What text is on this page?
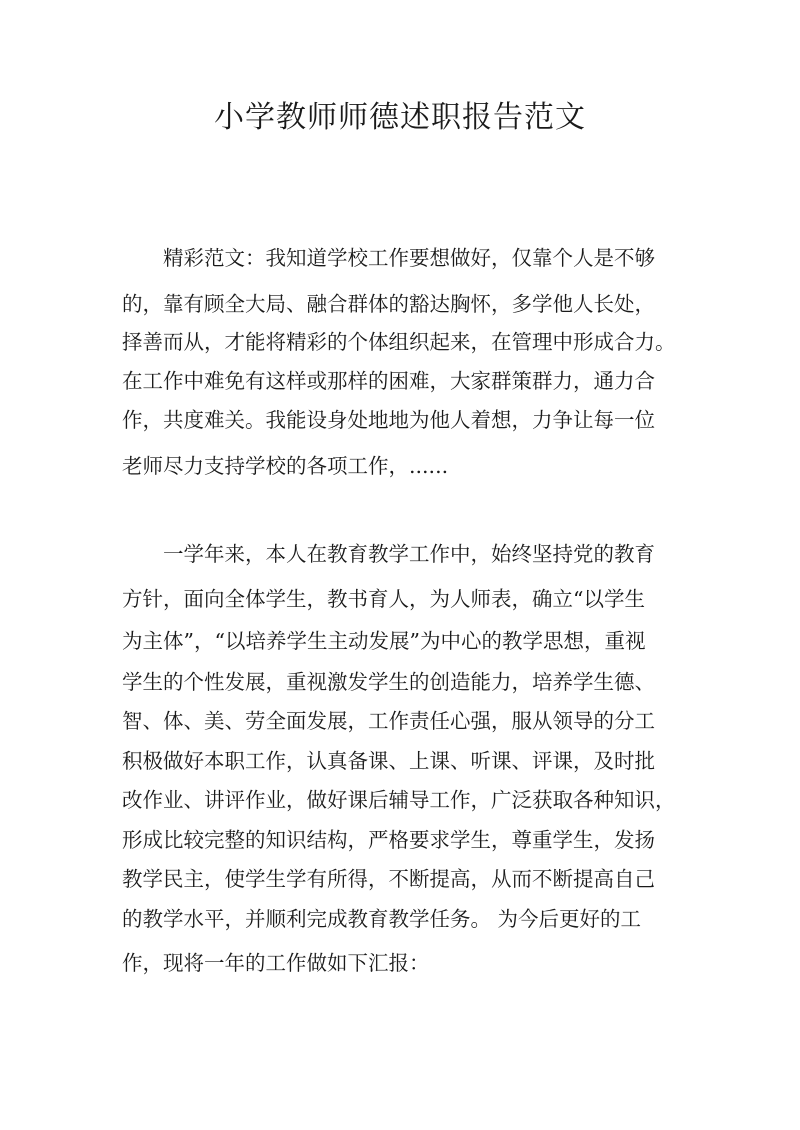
小学教师师德述职报告范文

精彩范文：我知道学校工作要想做好，仅靠个人是不够

的，靠有顾全大局、融合群体的豁达胸怀，多学他人长处，

择善而从，才能将精彩的个体组织起来，在管理中形成合力。

在工作中难免有这样或那样的困难，大家群策群力，通力合

作，共度难关。我能设身处地地为他人着想，力争让每一位

老师尽力支持学校的各项工作，......

一学年来，本人在教育教学工作中，始终坚持党的教育

方针，面向全体学生，教书育人，为人师表，确立“以学生

为主体”，“以培养学生主动发展”为中心的教学思想，重视

学生的个性发展，重视激发学生的创造能力，培养学生德、

智、体、美、劳全面发展，工作责任心强，服从领导的分工

积极做好本职工作，认真备课、上课、听课、评课，及时批

改作业、讲评作业，做好课后辅导工作，广泛获取各种知识，

形成比较完整的知识结构，严格要求学生，尊重学生，发扬

教学民主，使学生学有所得，不断提高，从而不断提高自己

的教学水平，并顺利完成教育教学任务。 为今后更好的工

作，现将一年的工作做如下汇报：
